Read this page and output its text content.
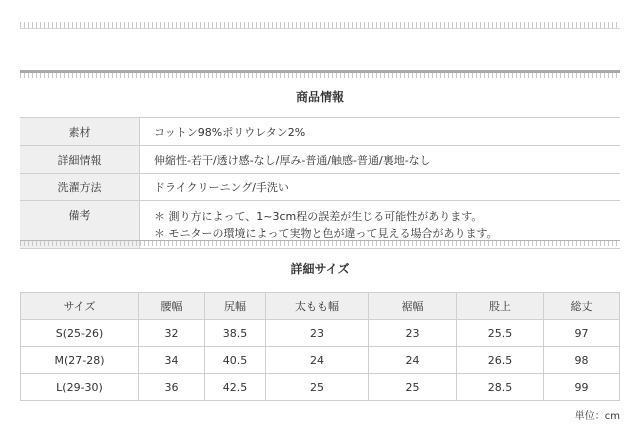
商品情報
素材	コットン98%ポリウレタン2%
詳細情報	伸縮性-若干/透け感-なし/厚み-普通/触感-普通/裏地-なし
洗濯方法	ドライクリーニング/手洗い
備考	＊ 測り方によって、1~3cm程の誤差が生じる可能性があります。
＊ モニターの環境によって実物と色が違って見える場合があります。
詳細サイズ
サイズ	腰幅	尻幅	太もも幅	裾幅	股上	総丈
S(25-26)	32	38.5	23	23	25.5	97
M(27-28)	34	40.5	24	24	26.5	98
L(29-30)	36	42.5	25	25	28.5	99
単位：cm
